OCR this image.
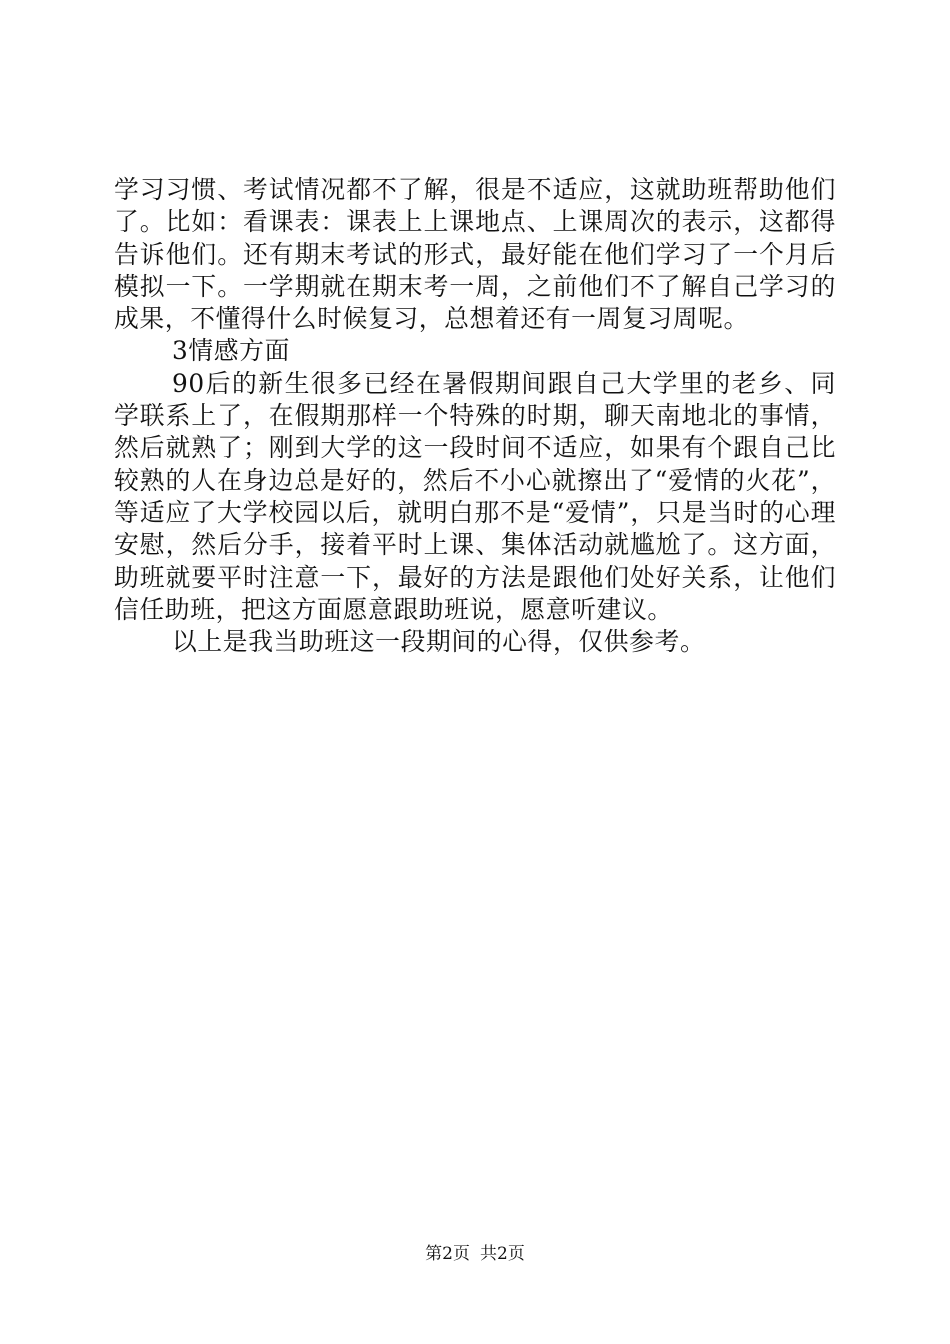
学习习惯、考试情况都不了解，很是不适应，这就助班帮助他们了。比如：看课表：课表上上课地点、上课周次的表示，这都得告诉他们。还有期末考试的形式，最好能在他们学习了一个月后模拟一下。一学期就在期末考一周，之前他们不了解自己学习的成果，不懂得什么时候复习，总想着还有一周复习周呢。

3情感方面

90后的新生很多已经在暑假期间跟自己大学里的老乡、同学联系上了，在假期那样一个特殊的时期，聊天南地北的事情，然后就熟了；刚到大学的这一段时间不适应，如果有个跟自己比较熟的人在身边总是好的，然后不小心就擦出了“爱情的火花”，等适应了大学校园以后，就明白那不是“爱情”，只是当时的心理安慰，然后分手，接着平时上课、集体活动就尴尬了。这方面，助班就要平时注意一下，最好的方法是跟他们处好关系，让他们信任助班，把这方面愿意跟助班说，愿意听建议。

以上是我当助班这一段期间的心得，仅供参考。

第2页 共2页
